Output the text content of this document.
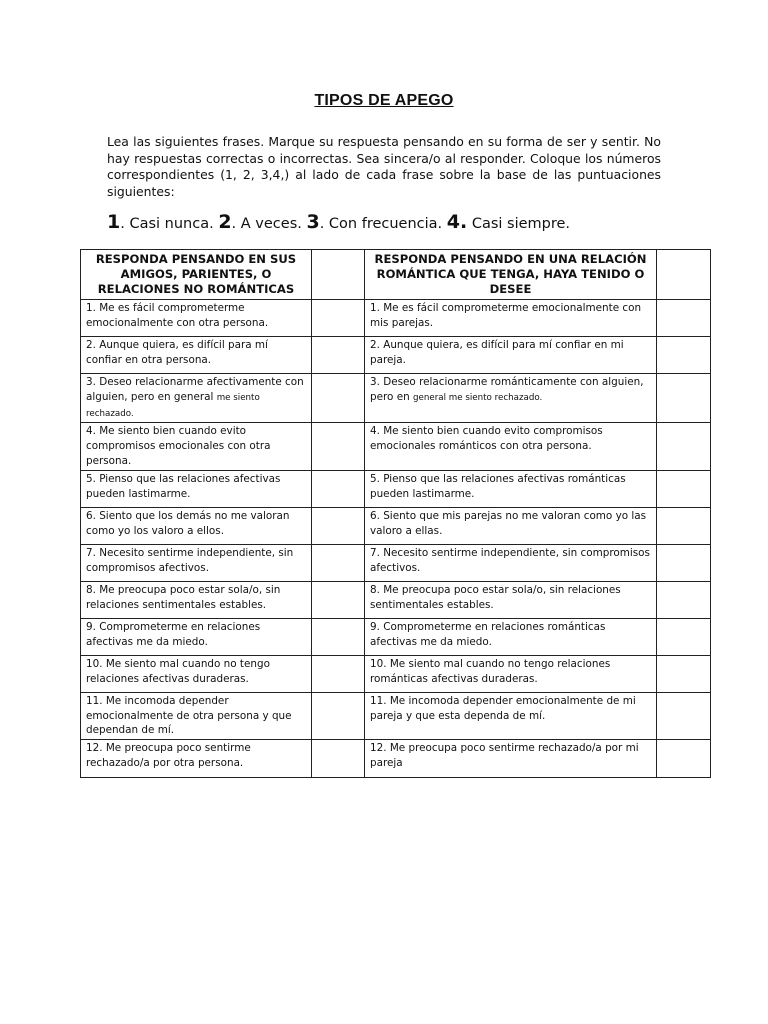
TIPOS DE APEGO
Lea las siguientes frases. Marque su respuesta pensando en su forma de ser y sentir. No hay respuestas correctas o incorrectas. Sea sincera/o al responder. Coloque los números correspondientes (1, 2, 3,4,) al lado de cada frase sobre la base de las puntuaciones siguientes:
1. Casi nunca. 2. A veces. 3. Con frecuencia. 4. Casi siempre.
RESPONDA PENSANDO EN SUS AMIGOS, PARIENTES, O RELACIONES NO ROMÁNTICAS		RESPONDA PENSANDO EN UNA RELACIÓN ROMÁNTICA QUE TENGA, HAYA TENIDO O DESEE	
1. Me es fácil comprometerme emocionalmente con otra persona.		1. Me es fácil comprometerme emocionalmente con mis parejas.	
2. Aunque quiera, es difícil para mí confiar en otra persona.		2. Aunque quiera, es difícil para mí confiar en mi pareja.	
3. Deseo relacionarme afectivamente con alguien, pero en general me siento rechazado.		3. Deseo relacionarme románticamente con alguien, pero en general me siento rechazado.	
4. Me siento bien cuando evito compromisos emocionales con otra persona.		4. Me siento bien cuando evito compromisos emocionales románticos con otra persona.	
5. Pienso que las relaciones afectivas pueden lastimarme.		5. Pienso que las relaciones afectivas románticas pueden lastimarme.	
6. Siento que los demás no me valoran como yo los valoro a ellos.		6. Siento que mis parejas no me valoran como yo las valoro a ellas.	
7. Necesito sentirme independiente, sin compromisos afectivos.		7. Necesito sentirme independiente, sin compromisos afectivos.	
8. Me preocupa poco estar sola/o, sin relaciones sentimentales estables.		8. Me preocupa poco estar sola/o, sin relaciones sentimentales estables.	
9. Comprometerme en relaciones afectivas me da miedo.		9. Comprometerme en relaciones románticas afectivas me da miedo.	
10. Me siento mal cuando no tengo relaciones afectivas duraderas.		10. Me siento mal cuando no tengo relaciones románticas afectivas duraderas.	
11. Me incomoda depender emocionalmente de otra persona y que dependan de mí.		11. Me incomoda depender emocionalmente de mi pareja y que esta dependa de mí.	
12. Me preocupa poco sentirme rechazado/a por otra persona.		12. Me preocupa poco sentirme rechazado/a por mi pareja	
